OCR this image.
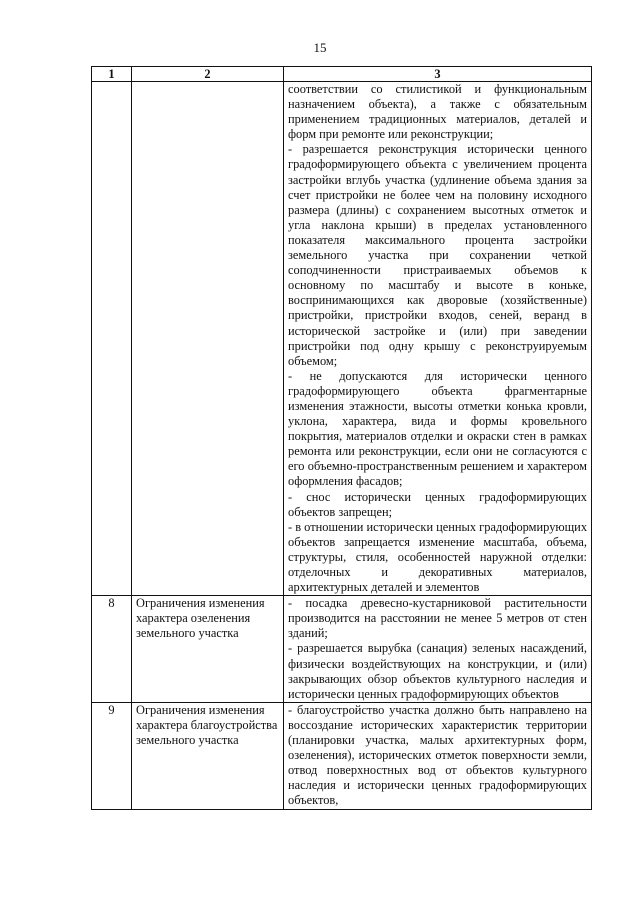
15
1	2	3

		соответствии со стилистикой и функциональным назначением объекта), а также с обязательным применением традиционных материалов, деталей и форм при ремонте или реконструкции;

- разрешается реконструкция исторически ценного градоформирующего объекта с увеличением процента застройки вглубь участка (удлинение объема здания за счет пристройки не более чем на половину исходного размера (длины) с сохранением высотных отметок и угла наклона крыши) в пределах установленного показателя максимального процента застройки земельного участка при сохранении четкой соподчиненности пристраиваемых объемов к основному по масштабу и высоте в коньке, воспринимающихся как дворовые (хозяйственные) пристройки, пристройки входов, сеней, веранд в исторической застройке и (или) при заведении пристройки под одну крышу с реконструируемым объемом;

- не допускаются для исторически ценного градоформирующего объекта фрагментарные изменения этажности, высоты отметки конька кровли, уклона, характера, вида и формы кровельного покрытия, материалов отделки и окраски стен в рамках ремонта или реконструкции, если они не согласуются с его объемно-пространственным решением и характером оформления фасадов;

- снос исторически ценных градоформирующих объектов запрещен;

- в отношении исторически ценных градоформирующих объектов запрещается изменение масштаба, объема, структуры, стиля, особенностей наружной отделки: отделочных и декоративных материалов, архитектурных деталей и элементов

8	Ограничения изменения характера озеленения земельного участка	- посадка древесно-кустарниковой растительности производится на расстоянии не менее 5 метров от стен зданий;

- разрешается вырубка (санация) зеленых насаждений, физически воздействующих на конструкции, и (или) закрывающих обзор объектов культурного наследия и исторически ценных градоформирующих объектов

9	Ограничения изменения характера благоустройства земельного участка	- благоустройство участка должно быть направлено на воссоздание исторических характеристик территории (планировки участка, малых архитектурных форм, озеленения), исторических отметок поверхности земли, отвод поверхностных вод от объектов культурного наследия и исторически ценных градоформирующих объектов,
